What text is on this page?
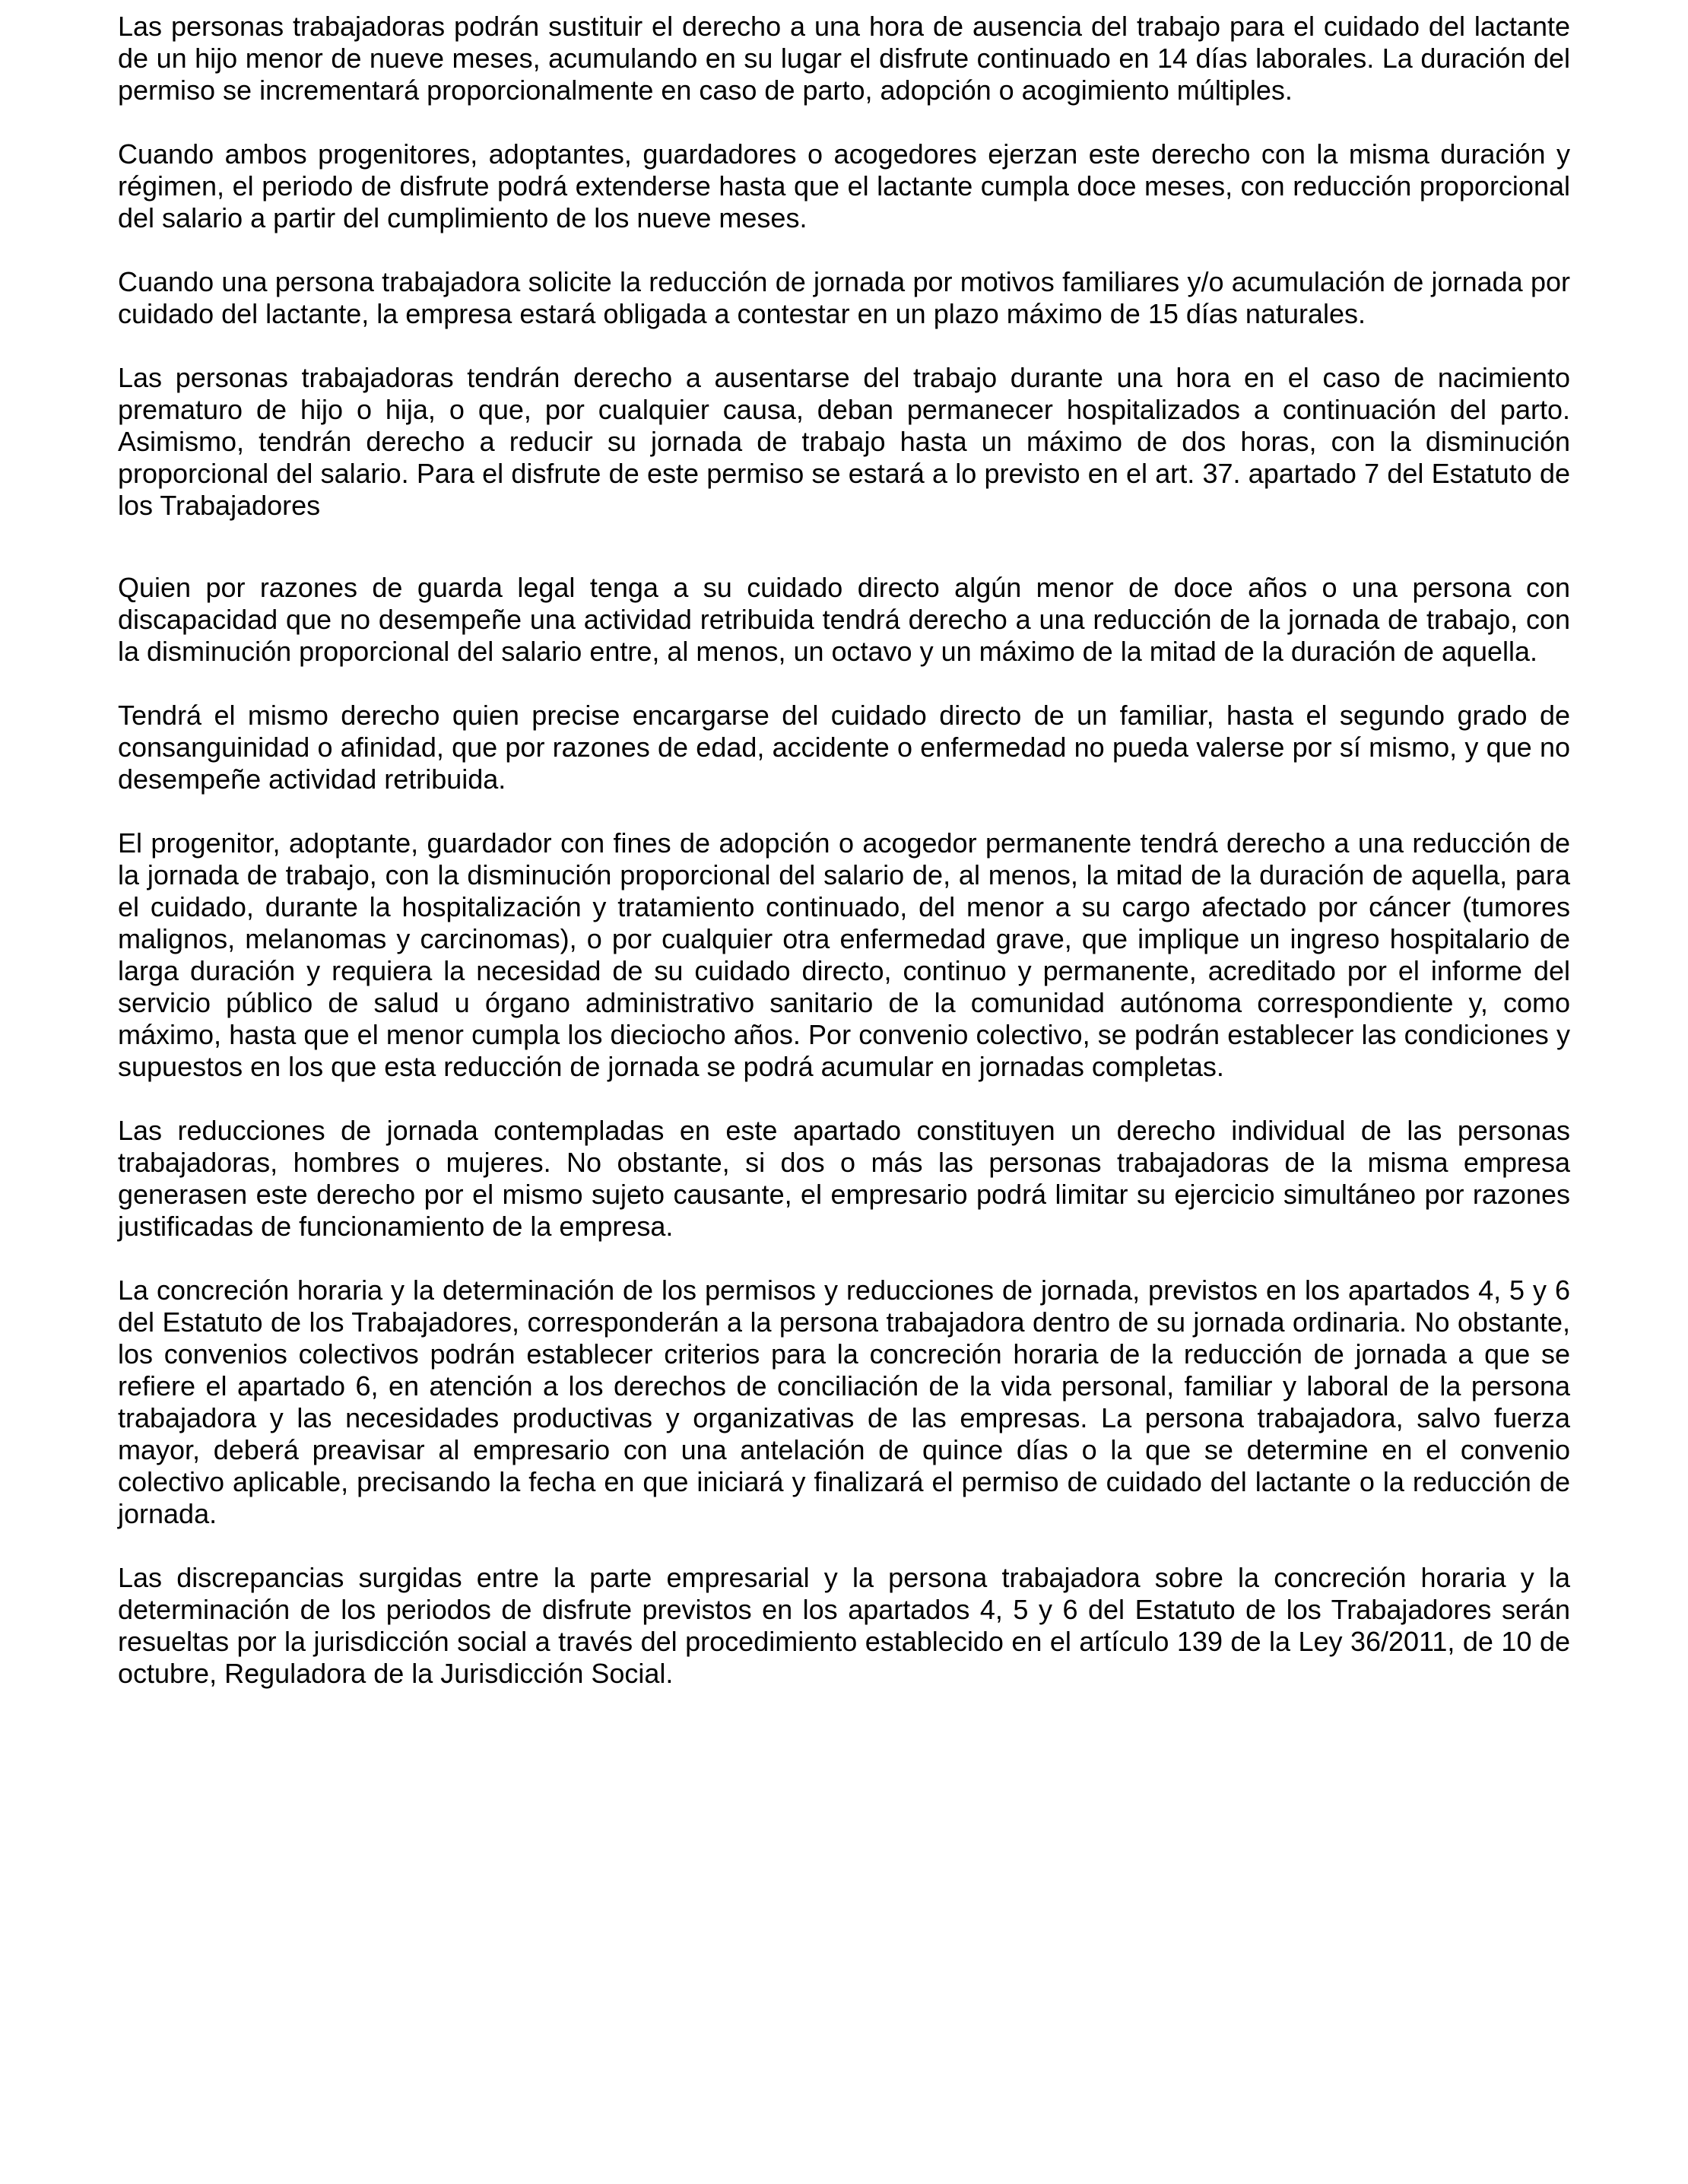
Las personas trabajadoras podrán sustituir el derecho a una hora de ausencia del trabajo para el cuidado del lactante de un hijo menor de nueve meses, acumulando en su lugar el disfrute continuado en 14 días laborales. La duración del permiso se incrementará proporcionalmente en caso de parto, adopción o acogimiento múltiples.

Cuando ambos progenitores, adoptantes, guardadores o acogedores ejerzan este derecho con la misma duración y régimen, el periodo de disfrute podrá extenderse hasta que el lactante cumpla doce meses, con reducción proporcional del salario a partir del cumplimiento de los nueve meses.

Cuando una persona trabajadora solicite la reducción de jornada por motivos familiares y/o acumulación de jornada por cuidado del lactante, la empresa estará obligada a contestar en un plazo máximo de 15 días naturales.

Las personas trabajadoras tendrán derecho a ausentarse del trabajo durante una hora en el caso de nacimiento prematuro de hijo o hija, o que, por cualquier causa, deban permanecer hospitalizados a continuación del parto. Asimismo, tendrán derecho a reducir su jornada de trabajo hasta un máximo de dos horas, con la disminución proporcional del salario. Para el disfrute de este permiso se estará a lo previsto en el art. 37. apartado 7 del Estatuto de los Trabajadores

Quien por razones de guarda legal tenga a su cuidado directo algún menor de doce años o una persona con discapacidad que no desempeñe una actividad retribuida tendrá derecho a una reducción de la jornada de trabajo, con la disminución proporcional del salario entre, al menos, un octavo y un máximo de la mitad de la duración de aquella.

Tendrá el mismo derecho quien precise encargarse del cuidado directo de un familiar, hasta el segundo grado de consanguinidad o afinidad, que por razones de edad, accidente o enfermedad no pueda valerse por sí mismo, y que no desempeñe actividad retribuida.

El progenitor, adoptante, guardador con fines de adopción o acogedor permanente tendrá derecho a una reducción de la jornada de trabajo, con la disminución proporcional del salario de, al menos, la mitad de la duración de aquella, para el cuidado, durante la hospitalización y tratamiento continuado, del menor a su cargo afectado por cáncer (tumores malignos, melanomas y carcinomas), o por cualquier otra enfermedad grave, que implique un ingreso hospitalario de larga duración y requiera la necesidad de su cuidado directo, continuo y permanente, acreditado por el informe del servicio público de salud u órgano administrativo sanitario de la comunidad autónoma correspondiente y, como máximo, hasta que el menor cumpla los dieciocho años. Por convenio colectivo, se podrán establecer las condiciones y supuestos en los que esta reducción de jornada se podrá acumular en jornadas completas.

Las reducciones de jornada contempladas en este apartado constituyen un derecho individual de las personas trabajadoras, hombres o mujeres. No obstante, si dos o más las personas trabajadoras de la misma empresa generasen este derecho por el mismo sujeto causante, el empresario podrá limitar su ejercicio simultáneo por razones justificadas de funcionamiento de la empresa.

La concreción horaria y la determinación de los permisos y reducciones de jornada, previstos en los apartados 4, 5 y 6 del Estatuto de los Trabajadores, corresponderán a la persona trabajadora dentro de su jornada ordinaria. No obstante, los convenios colectivos podrán establecer criterios para la concreción horaria de la reducción de jornada a que se refiere el apartado 6, en atención a los derechos de conciliación de la vida personal, familiar y laboral de la persona trabajadora y las necesidades productivas y organizativas de las empresas. La persona trabajadora, salvo fuerza mayor, deberá preavisar al empresario con una antelación de quince días o la que se determine en el convenio colectivo aplicable, precisando la fecha en que iniciará y finalizará el permiso de cuidado del lactante o la reducción de jornada.

Las discrepancias surgidas entre la parte empresarial y la persona trabajadora sobre la concreción horaria y la determinación de los periodos de disfrute previstos en los apartados 4, 5 y 6 del Estatuto de los Trabajadores serán resueltas por la jurisdicción social a través del procedimiento establecido en el artículo 139 de la Ley 36/2011, de 10 de octubre, Reguladora de la Jurisdicción Social.
